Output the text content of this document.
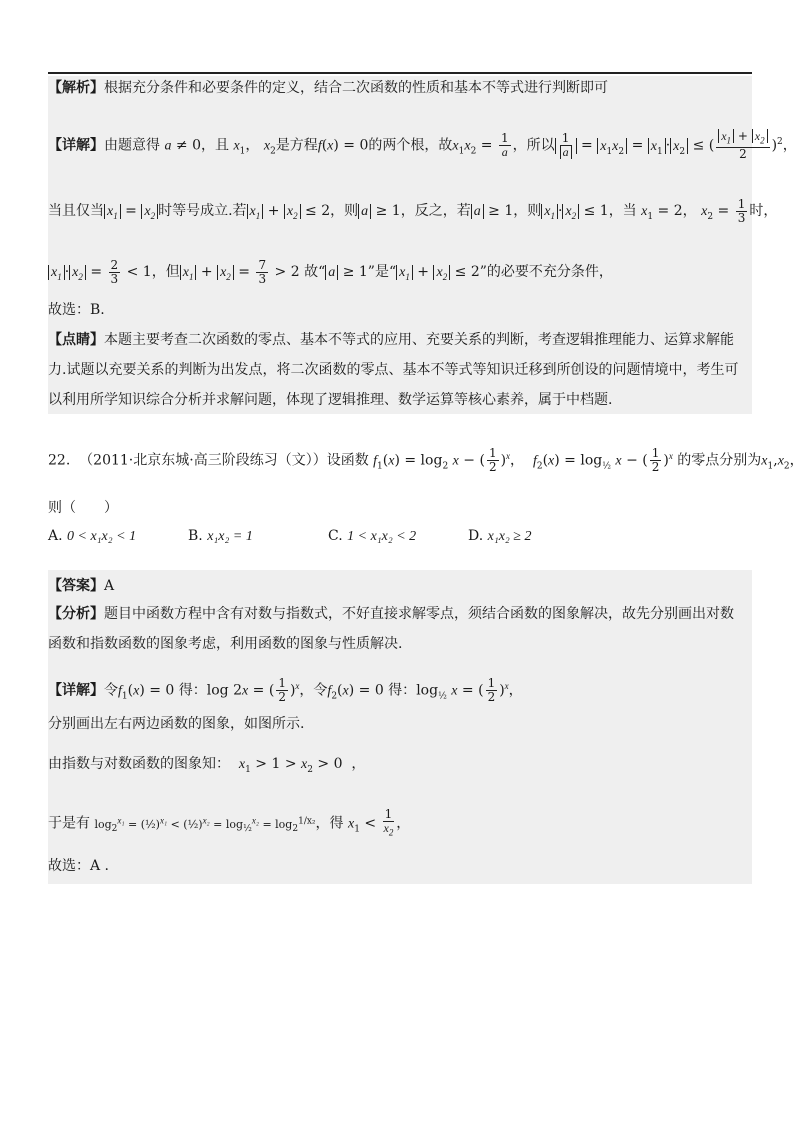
【解析】根据充分条件和必要条件的定义，结合二次函数的性质和基本不等式进行判断即可
【详解】由题意得 a ≠ 0，且 $x_1$， $x_2$是方程f(x) = 0的两个根，故$x_1x_2 = \frac{1}{a}$ ，所以 $\frac{1}{a} = x_1x_2 = x_1 \cdot x_2$ ≤ ( $\frac{x_1 + x_2}{2} )^2$，
当且仅当 $x_1 = x_2$ 时等号成立.若 $x_1 + x_2 \le 2$，则 a ≥ 1，反之，若 a ≥ 1，则 $x_1 \cdot x_2 \le 1$，当 $x_1 = 2$， $x_2 = \frac{1}{3}$ 时，
$x_1 \cdot x_2 = \frac{2}{3} < 1$，但 $x_1 + x_2 = \frac{7}{3} > 2$ 故“ a ≥ 1”是“ $x_1 + x_2 \le 2$”的必要不充分条件，
故选：B.
【点睛】本题主要考查二次函数的零点、基本不等式的应用、充要关系的判断，考查逻辑推理能力、运算求解能
力.试题以充要关系的判断为出发点，将二次函数的零点、基本不等式等知识迁移到所创设的问题情境中，考生可
以利用所学知识综合分析并求解问题，体现了逻辑推理、数学运算等核心素养，属于中档题.
22. （2011·北京东城·高三阶段练习（文））设函数 $f_1(x) = \log_2 x$ − ( $\frac{1}{2} )^x$，  $f_2(x) = \log_{\frac{1}{2}} x$ − ( $\frac{1}{2} )^x$ 的零点分别为$x_1,x_2$，
则（　　）
A. 0 < x₁x₂ < 1	B. x₁x₂ = 1	C. 1 < x₁x₂ < 2	D. x₁x₂ ≥ 2
【答案】A
【分析】题目中函数方程中含有对数与指数式，不好直接求解零点，须结合函数的图象解决，故先分别画出对数
函数和指数函数的图象考虑，利用函数的图象与性质解决.
【详解】令$f_1(x) = 0$ 得：log 2x = ( $\frac{1}{2} )^x$，令$f_2(x) = 0$ 得：$\log_{\frac{1}{2}} x$ = ( $\frac{1}{2} )^x$，
分别画出左右两边函数的图象，如图所示.
由指数与对数函数的图象知： $x_1 > 1 > x_2 > 0$  ，
于是有 $\log_2^{x_1}$ = (½)$^{x_1}$ < (½)$^{x_2}$ = $\log_{\frac{1}{2}}^{x_2} = \log_2^{1/x_2}$，得 $x_1 < \frac{1}{x_2}$ ，
故选：A .
